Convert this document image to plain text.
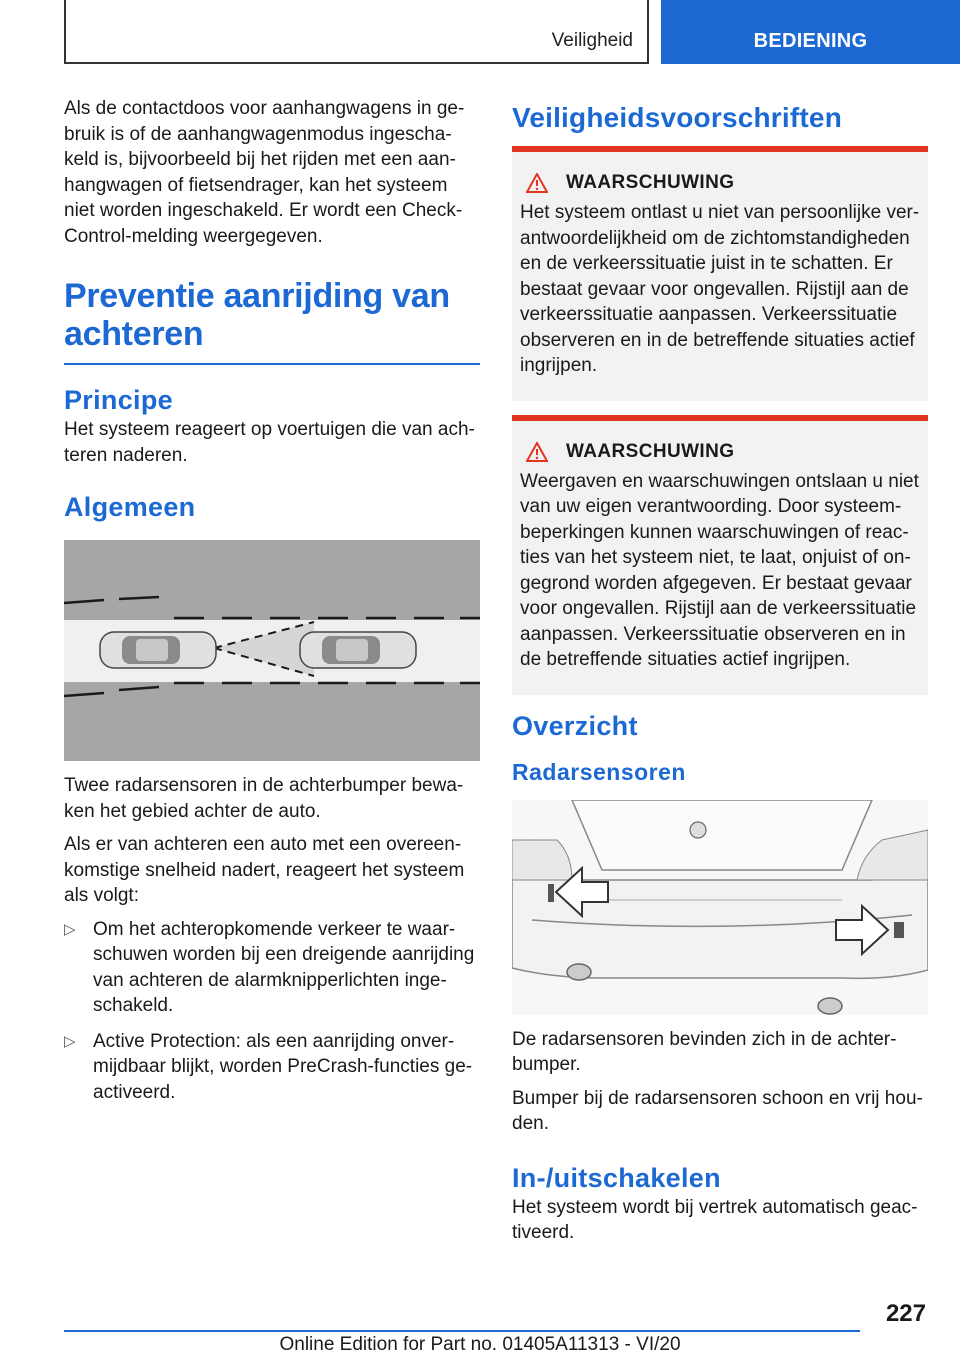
Veiligheid	BEDIENING

Als de contactdoos voor aanhangwagens in gebruik is of de aanhangwagenmodus ingeschakeld is, bijvoorbeeld bij het rijden met een aanhangwagen of fietsendrager, kan het systeem niet worden ingeschakeld. Er wordt een Check-Control-melding weergegeven.

Preventie aanrijding van achteren
Principe

Het systeem reageert op voertuigen die van achteren naderen.

Algemeen

Twee radarsensoren in de achterbumper bewaken het gebied achter de auto.

Als er van achteren een auto met een overeenkomstige snelheid nadert, reageert het systeem als volgt:

▷ Om het achteropkomende verkeer te waarschuwen worden bij een dreigende aanrijding van achteren de alarmknipperlichten ingeschakeld.
▷ Active Protection: als een aanrijding onvermijdbaar blijkt, worden PreCrash-functies geactiveerd.
Veiligheidsvoorschriften
WAARSCHUWING

Het systeem ontlast u niet van persoonlijke verantwoordelijkheid om de zichtomstandigheden en de verkeerssituatie juist in te schatten. Er bestaat gevaar voor ongevallen. Rijstijl aan de verkeerssituatie aanpassen. Verkeerssituatie observeren en in de betreffende situaties actief ingrijpen.

WAARSCHUWING

Weergaven en waarschuwingen ontslaan u niet van uw eigen verantwoording. Door systeembeperkingen kunnen waarschuwingen of reacties van het systeem niet, te laat, onjuist of ongegrond worden afgegeven. Er bestaat gevaar voor ongevallen. Rijstijl aan de verkeerssituatie aanpassen. Verkeerssituatie observeren en in de betreffende situaties actief ingrijpen.

Overzicht
Radarsensoren

De radarsensoren bevinden zich in de achterbumper.

Bumper bij de radarsensoren schoon en vrij houden.

In-/uitschakelen

Het systeem wordt bij vertrek automatisch geactiveerd.

227
Online Edition for Part no. 01405A11313 - VI/20
